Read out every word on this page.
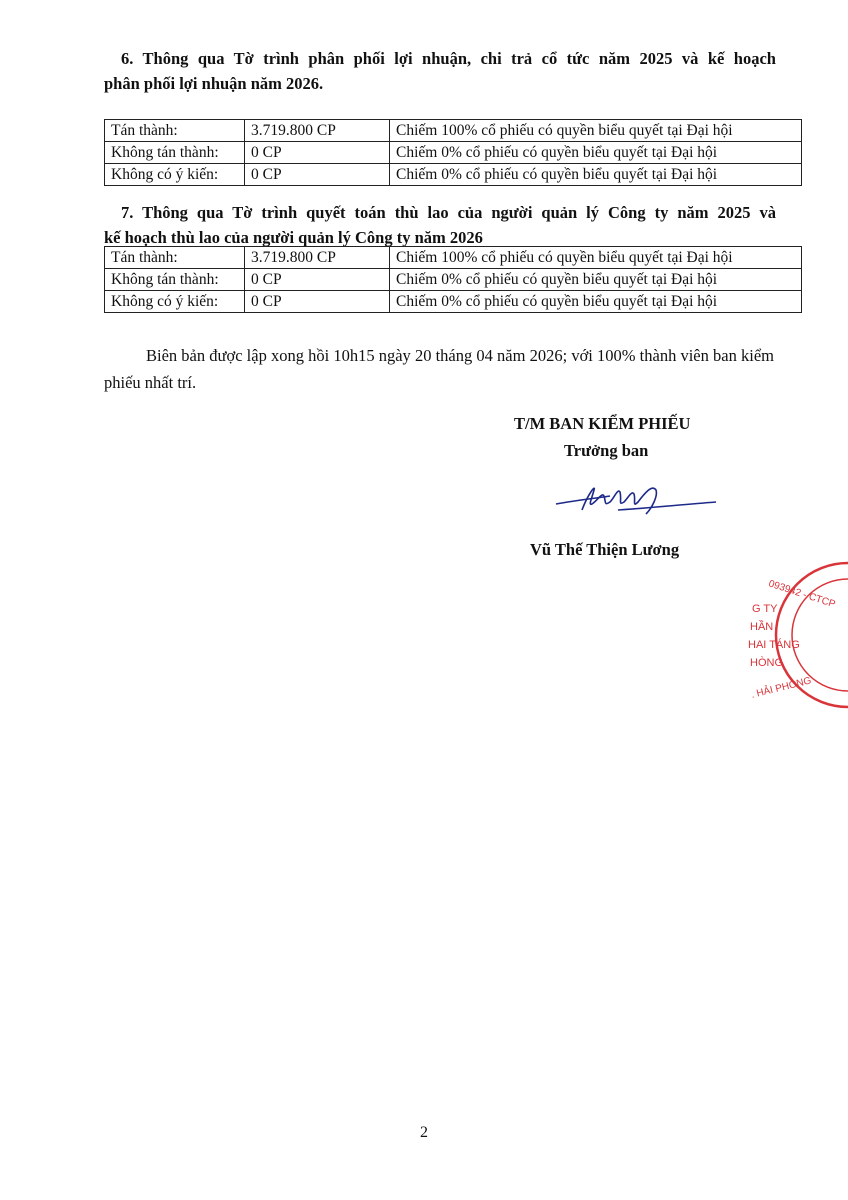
6. Thông qua Tờ trình phân phối lợi nhuận, chi trả cổ tức năm 2025 và kế hoạch
phân phối lợi nhuận năm 2026.
Tán thành:	3.719.800 CP	Chiếm 100% cổ phiếu có quyền biểu quyết tại Đại hội
Không tán thành:	0 CP	Chiếm 0% cổ phiếu có quyền biểu quyết tại Đại hội
Không có ý kiến:	0 CP	Chiếm 0% cổ phiếu có quyền biểu quyết tại Đại hội
7. Thông qua Tờ trình quyết toán thù lao của người quản lý Công ty năm 2025 và
kế hoạch thù lao của người quản lý Công ty năm 2026
Tán thành:	3.719.800 CP	Chiếm 100% cổ phiếu có quyền biểu quyết tại Đại hội
Không tán thành:	0 CP	Chiếm 0% cổ phiếu có quyền biểu quyết tại Đại hội
Không có ý kiến:	0 CP	Chiếm 0% cổ phiếu có quyền biểu quyết tại Đại hội
Biên bản được lập xong hồi 10h15 ngày 20 tháng 04 năm 2026; với 100% thành viên ban kiểm phiếu nhất trí.
T/M BAN KIỂM PHIẾU
Trưởng ban
Vũ Thế Thiện Lương
093942 - CTCP
G TY
HẦN
HAI TÁNG
HÒNG
. HẢI PHÒNG
2
